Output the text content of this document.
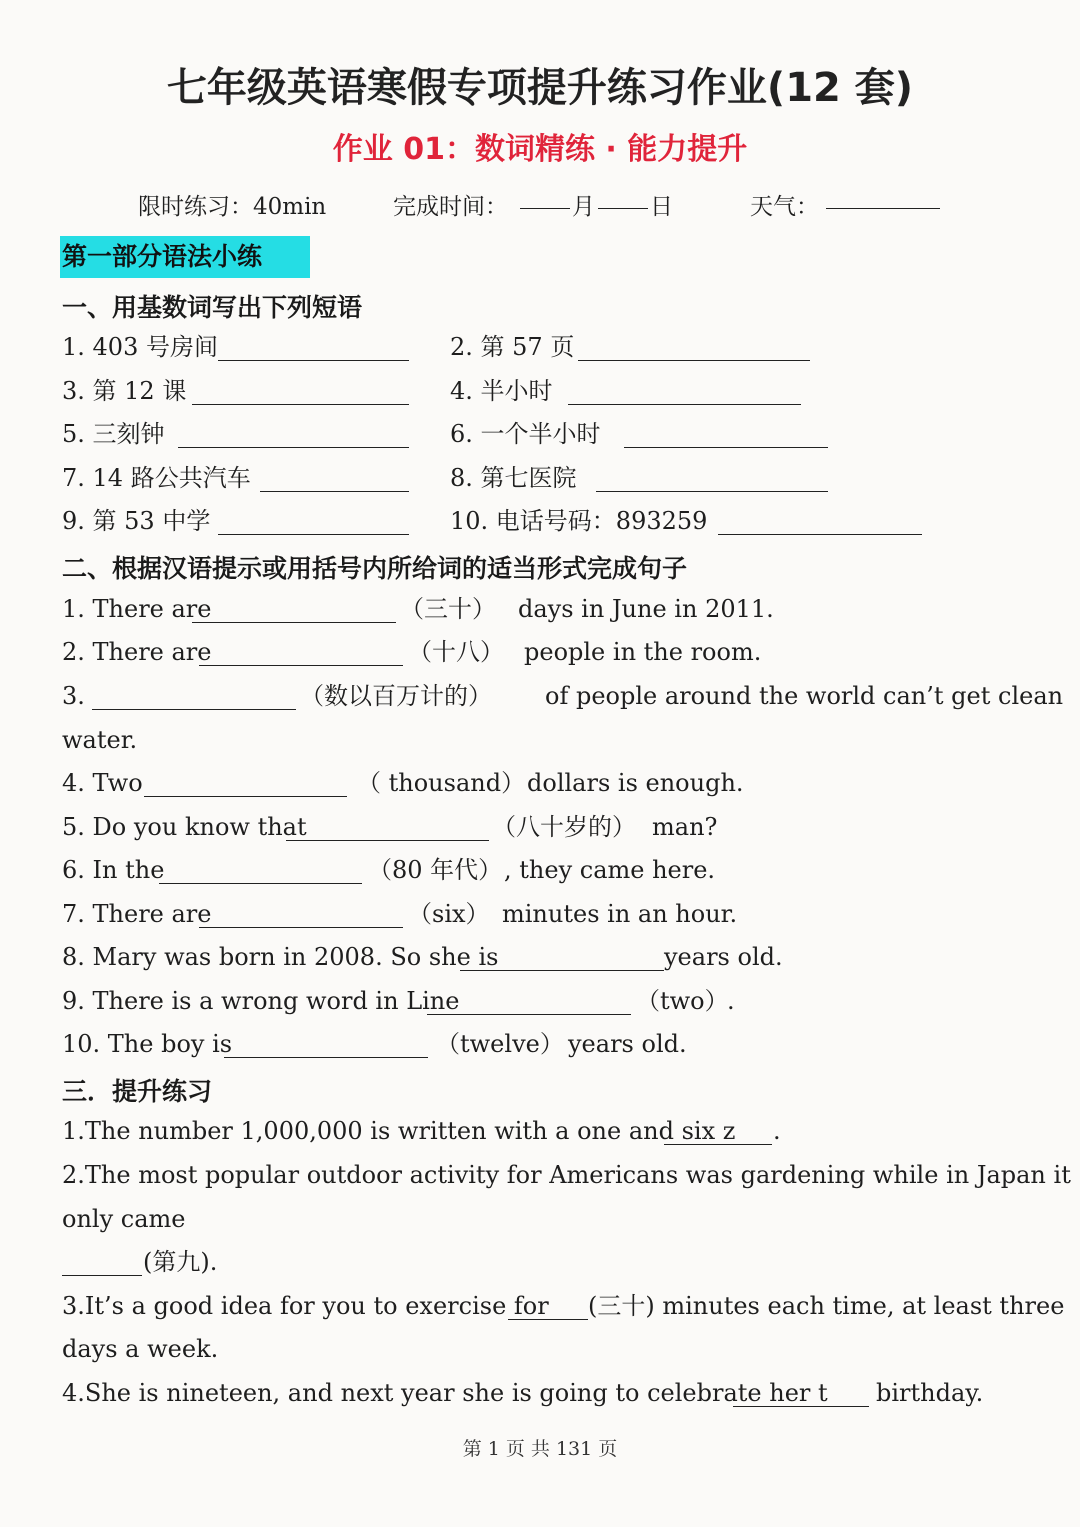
七年级英语寒假专项提升练习作业(12 套)
作业 01：数词精练 · 能力提升
限时练习：40min	完成时间：	月 日	天气：
第一部分语法小练
一、用基数词写出下列短语
1. 403 号房间	2. 第 57 页
3. 第 12 课	4. 半小时
5. 三刻钟	6. 一个半小时
7. 14 路公共汽车	8. 第七医院
9. 第 53 中学	10. 电话号码：893259
二、根据汉语提示或用括号内所给词的适当形式完成句子
1. There are	（三十） days in June in 2011.
2. There are	（十八） people in the room.
3.	（数以百万计的） of people around the world can’t get clean
water.
4. Two	（ thousand） dollars is enough.
5. Do you know that	（八十岁的） man?
6. In the	（80 年代） , they came here.
7. There are	（six） minutes in an hour.
8. Mary was born in 2008. So she is	years old.
9. There is a wrong word in Line	（two）
.
10. The boy is	（twelve） years old.
三．提升练习
1.The number 1,000,000 is written with a one and six z .
2.The most popular outdoor activity for Americans was gardening while in Japan it
only came
(第九).
3.It’s a good idea for you to exercise for (三十) minutes each time, at least three
days a week.
4.She is nineteen, and next year she is going to celebrate her t birthday.
第 1 页 共 131 页
